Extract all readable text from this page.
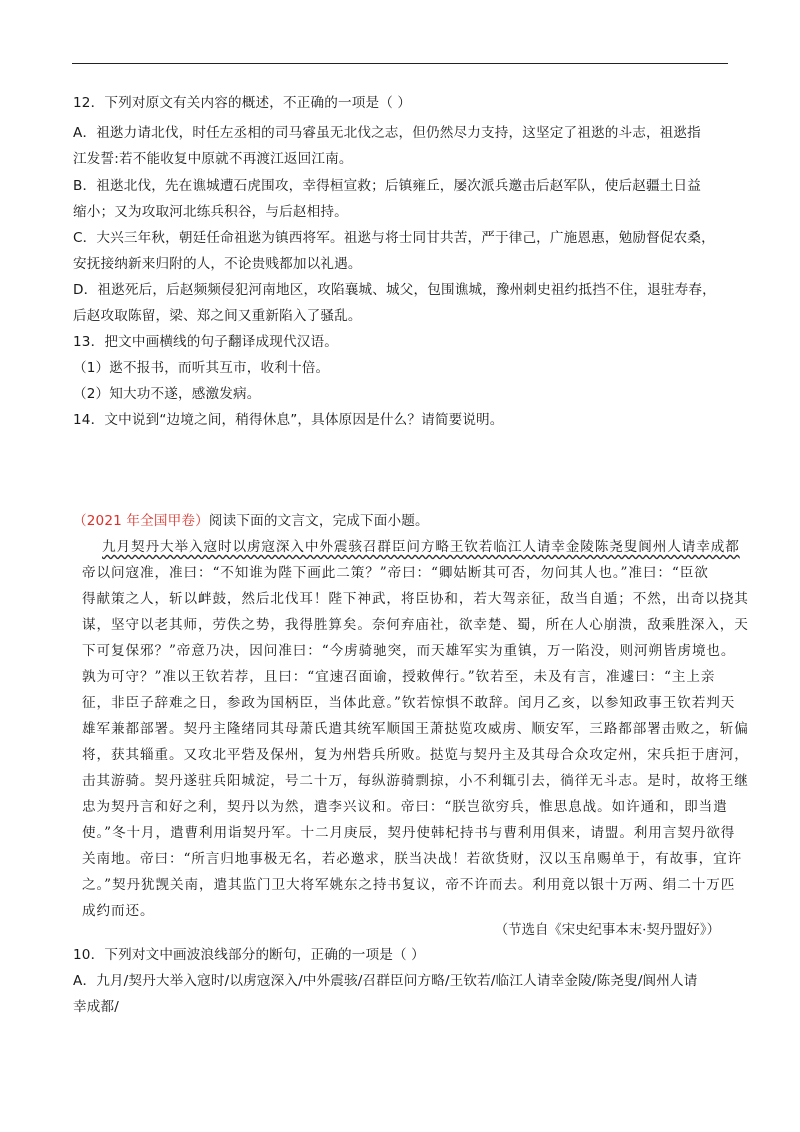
12．下列对原文有关内容的概述，不正确的一项是（ ）
A．祖逖力请北伐，时任左丞相的司马睿虽无北伐之志，但仍然尽力支持，这坚定了祖逖的斗志，祖逖指
江发誓:若不能收复中原就不再渡江返回江南。
B．祖逖北伐，先在谯城遭石虎围攻，幸得桓宣救；后镇雍丘，屡次派兵邀击后赵军队，使后赵疆土日益
缩小；又为攻取河北练兵积谷，与后赵相持。
C．大兴三年秋，朝廷任命祖逖为镇西将军。祖逖与将士同甘共苦，严于律己，广施恩惠，勉励督促农桑，
安抚接纳新来归附的人，不论贵贱都加以礼遇。
D．祖逖死后，后赵频频侵犯河南地区，攻陷襄城、城父，包围谯城，豫州刺史祖约抵挡不住，退驻寿春，
后赵攻取陈留，梁、郑之间又重新陷入了骚乱。
13．把文中画横线的句子翻译成现代汉语。
（1）逖不报书，而听其互市，收利十倍。
（2）知大功不遂，感激发病。
14．文中说到“边境之间，稍得休息”，具体原因是什么？请简要说明。
（2021 年全国甲卷）阅读下面的文言文，完成下面小题。
九月契丹大举入寇时以虏寇深入中外震骇召群臣问方略王钦若临江人请幸金陵陈尧叟阆州人请幸成都
帝以问寇准，准曰：“不知谁为陛下画此二策？”帝曰：“卿姑断其可否，勿问其人也。”准曰：“臣欲
得献策之人，斩以衅鼓，然后北伐耳！陛下神武，将臣协和，若大驾亲征，敌当自遁；不然，出奇以挠其
谋，坚守以老其师，劳佚之势，我得胜算矣。奈何弃庙社，欲幸楚、蜀，所在人心崩溃，敌乘胜深入，天
下可复保邪？”帝意乃决，因问准曰：“今虏骑驰突，而天雄军实为重镇，万一陷没，则河朔皆虏境也。
孰为可守？”准以王钦若荐，且曰：“宜速召面谕，授敕俾行。”钦若至，未及有言，准遽曰：“主上亲
征，非臣子辞难之日，参政为国柄臣，当体此意。”钦若惊惧不敢辞。闰月乙亥，以参知政事王钦若判天
雄军兼都部署。契丹主隆绪同其母萧氏遣其统军顺国王萧挞览攻威虏、顺安军，三路都部署击败之，斩偏
将，获其辎重。又攻北平砦及保州，复为州砦兵所败。挞览与契丹主及其母合众攻定州，宋兵拒于唐河，
击其游骑。契丹遂驻兵阳城淀，号二十万，每纵游骑剽掠，小不利辄引去，徜徉无斗志。是时，故将王继
忠为契丹言和好之利，契丹以为然，遣李兴议和。帝曰：“朕岂欲穷兵，惟思息战。如许通和，即当遣
使。”冬十月，遣曹利用诣契丹军。十二月庚辰，契丹使韩杞持书与曹利用俱来，请盟。利用言契丹欲得
关南地。帝曰：“所言归地事极无名，若必邀求，朕当决战！若欲货财，汉以玉帛赐单于，有故事，宜许
之。”契丹犹觊关南，遣其监门卫大将军姚东之持书复议，帝不许而去。利用竟以银十万两、绢二十万匹
成约而还。
（节选自《宋史纪事本末·契丹盟好》）
10．下列对文中画波浪线部分的断句，正确的一项是（ ）
A．九月/契丹大举入寇时/以虏寇深入/中外震骇/召群臣问方略/王钦若/临江人请幸金陵/陈尧叟/阆州人请
幸成都/
